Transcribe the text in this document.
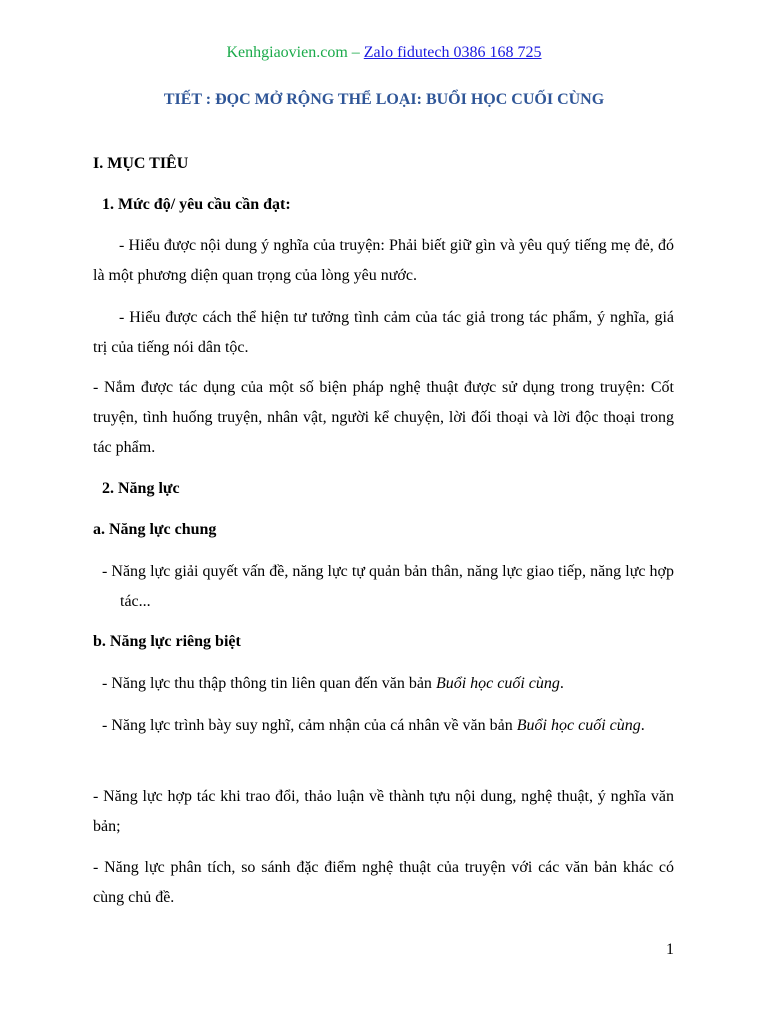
Kenhgiaovien.com – Zalo fidutech 0386 168 725
TIẾT : ĐỌC MỞ RỘNG THỂ LOẠI: BUỔI HỌC CUỐI CÙNG
I. MỤC TIÊU
1. Mức độ/ yêu cầu cần đạt:
- Hiểu được nội dung ý nghĩa của truyện: Phải biết giữ gìn và yêu quý tiếng mẹ đẻ, đó là một phương diện quan trọng của lòng yêu nước.
- Hiểu được cách thể hiện tư tưởng tình cảm của tác giả trong tác phẩm, ý nghĩa, giá trị của tiếng nói dân tộc.
- Nắm được tác dụng của một số biện pháp nghệ thuật được sử dụng trong truyện: Cốt truyện, tình huống truyện, nhân vật, người kể chuyện, lời đối thoại và lời độc thoại trong tác phẩm.
2. Năng lực
a. Năng lực chung
- Năng lực giải quyết vấn đề, năng lực tự quản bản thân, năng lực giao tiếp, năng lực hợp tác...
b. Năng lực riêng biệt
- Năng lực thu thập thông tin liên quan đến văn bản Buổi học cuối cùng.
- Năng lực trình bày suy nghĩ, cảm nhận của cá nhân về văn bản Buổi học cuối cùng.
- Năng lực hợp tác khi trao đổi, thảo luận về thành tựu nội dung, nghệ thuật, ý nghĩa văn bản;
- Năng lực phân tích, so sánh đặc điểm nghệ thuật của truyện với các văn bản khác có cùng chủ đề.
1
